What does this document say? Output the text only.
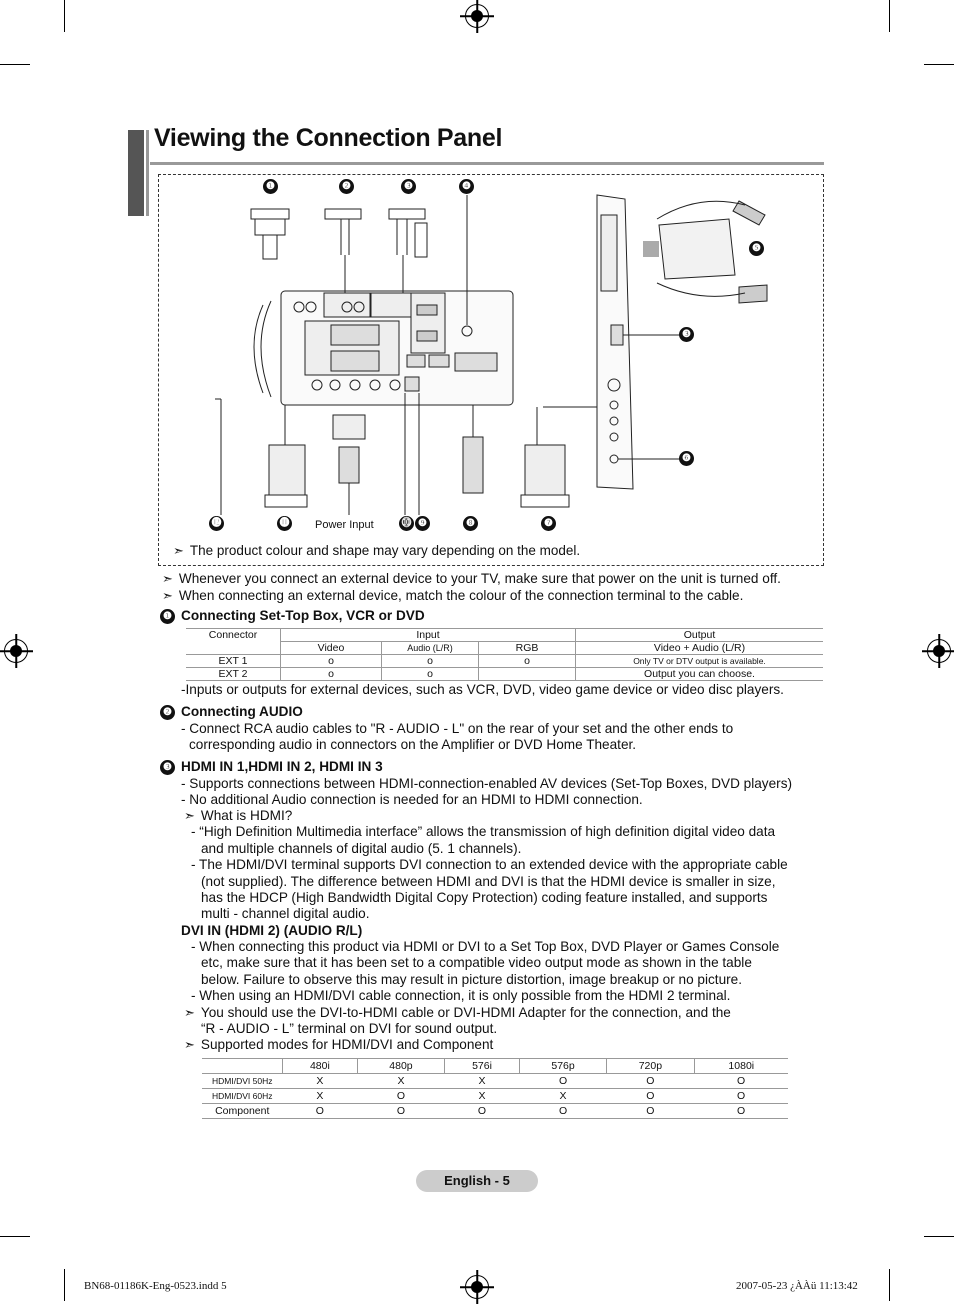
Viewing the Connection Panel
❶	❷	❸	❹
❺
❸
❻
⓬	⓫	⓾ ❾	❽	❼
Power Input
➣ The product colour and shape may vary depending on the model.
➣ Whenever you connect an external device to your TV, make sure that power on the unit is turned off.
➣ When connecting an external device, match the colour of the connection terminal to the cable.
❶ Connecting Set-Top Box, VCR or DVD
Connector	Input			Output
	Video	Audio (L/R)	RGB	Video + Audio (L/R)
EXT 1	o	o	o	Only TV or DTV output is available.
EXT 2	o	o		Output you can choose.
-Inputs or outputs for external devices, such as VCR, DVD, video game device or video disc players.
❷ Connecting AUDIO
- Connect RCA audio cables to "R - AUDIO - L" on the rear of your set and the other ends to
corresponding audio in connectors on the Amplifier or DVD Home Theater.
❸ HDMI IN 1,HDMI IN 2, HDMI IN 3
- Supports connections between HDMI-connection-enabled AV devices (Set-Top Boxes, DVD players)
- No additional Audio connection is needed for an HDMI to HDMI connection.
➣ What is HDMI?
- “High Definition Multimedia interface” allows the transmission of high definition digital video data
and multiple channels of digital audio (5. 1 channels).
- The HDMI/DVI terminal supports DVI connection to an extended device with the appropriate cable
(not supplied). The difference between HDMI and DVI is that the HDMI device is smaller in size,
has the HDCP (High Bandwidth Digital Copy Protection) coding feature installed, and supports
multi - channel digital audio.
DVI IN (HDMI 2) (AUDIO R/L)
- When connecting this product via HDMI or DVI to a Set Top Box, DVD Player or Games Console
etc, make sure that it has been set to a compatible video output mode as shown in the table
below. Failure to observe this may result in picture distortion, image breakup or no picture.
- When using an HDMI/DVI cable connection, it is only possible from the HDMI 2 terminal.
➣ You should use the DVI-to-HDMI cable or DVI-HDMI Adapter for the connection, and the
“R - AUDIO - L” terminal on DVI for sound output.
➣ Supported modes for HDMI/DVI and Component
	480i	480p	576i	576p	720p	1080i
HDMI/DVI 50Hz	X	X	X	O	O	O
HDMI/DVI 60Hz	X	O	X	X	O	O
Component	O	O	O	O	O	O
English - 5
BN68-01186K-Eng-0523.indd 5	2007-05-23 ¿ÀÀü 11:13:42
